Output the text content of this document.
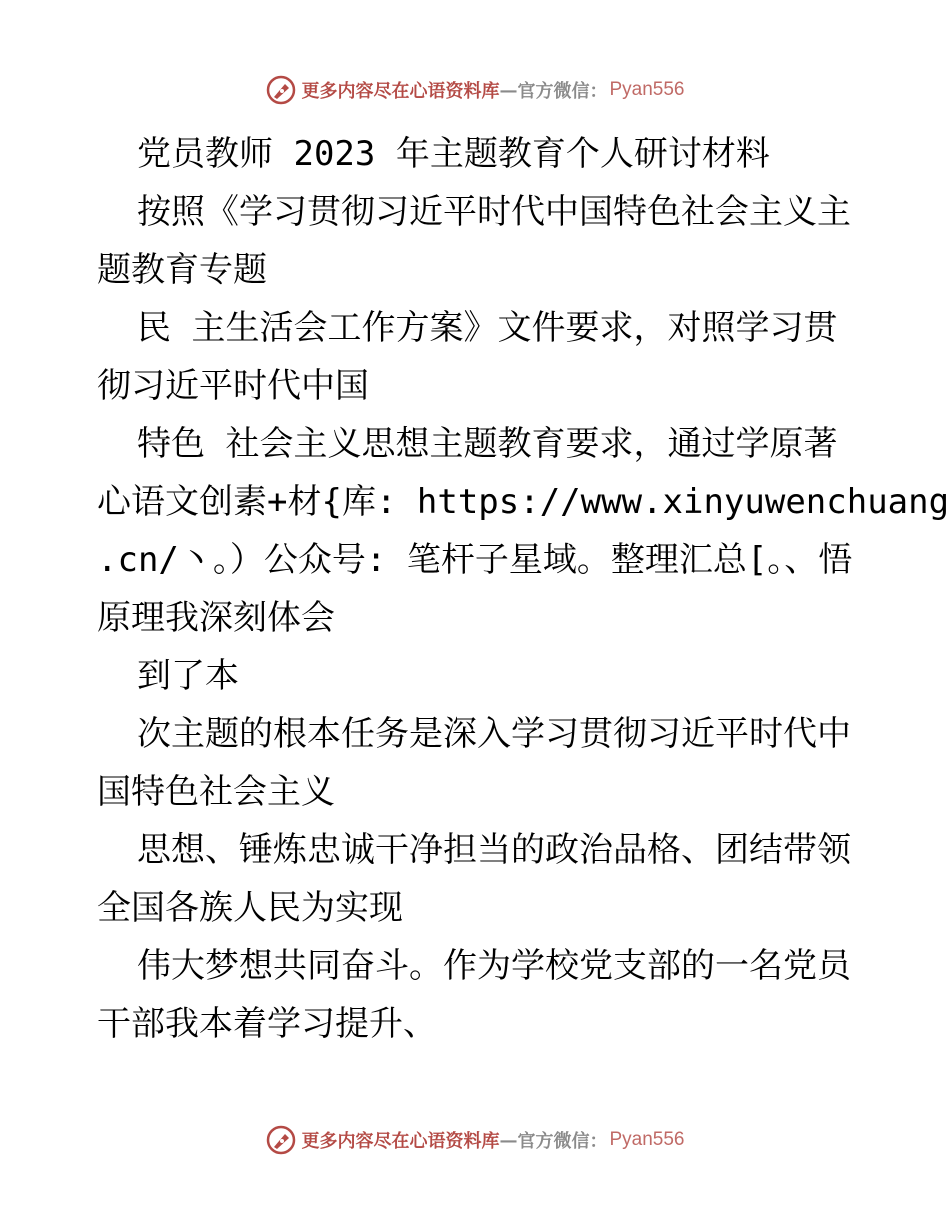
更多内容尽在心语资料库 — 官方微信： Pyan556
党员教师 2023 年主题教育个人研讨材料
按照《学习贯彻习近平时代中国特色社会主义主
题教育专题
民 主生活会工作方案》文件要求，对照学习贯
彻习近平时代中国
特色 社会主义思想主题教育要求，通过学原著
心语文创素+材{库: https://www.xinyuwenchuang
.cn/丶。）公众号: 笔杆子星域。整理汇总[。、悟
原理我深刻体会
到了本
次主题的根本任务是深入学习贯彻习近平时代中
国特色社会主义
思想、锤炼忠诚干净担当的政治品格、团结带领
全国各族人民为实现
伟大梦想共同奋斗。作为学校党支部的一名党员
干部我本着学习提升、
更多内容尽在心语资料库 — 官方微信： Pyan556
